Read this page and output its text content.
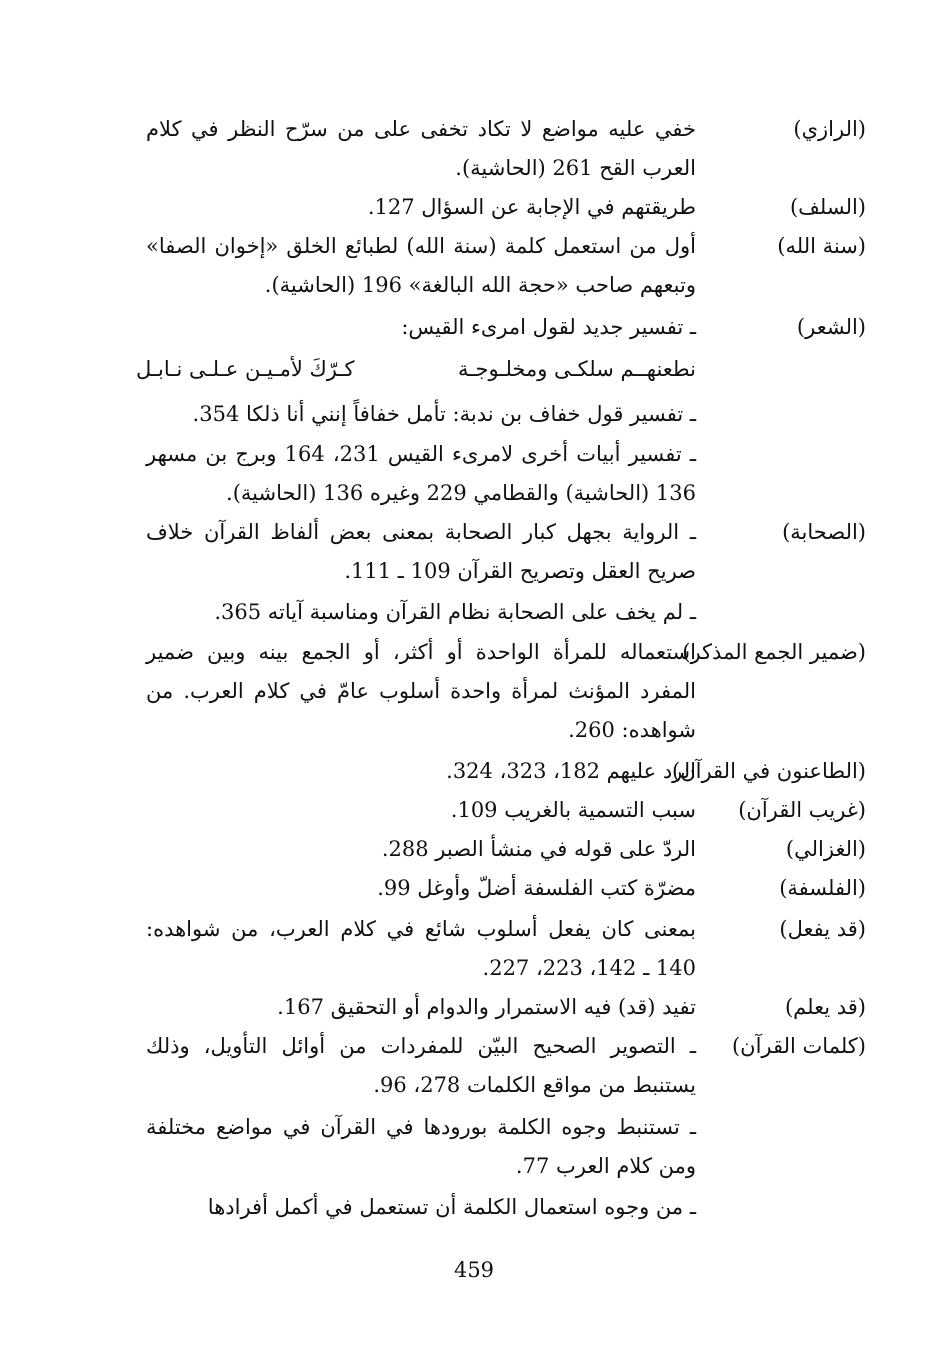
(الرازي)
خفي عليه مواضع لا تكاد تخفى على من سرّح النظر في كلام العرب القح 261 (الحاشية).
(السلف)
طريقتهم في الإجابة عن السؤال 127.
(سنة الله)
أول من استعمل كلمة (سنة الله) لطبائع الخلق «إخوان الصفا» وتبعهم صاحب «حجة الله البالغة» 196 (الحاشية).
(الشعر)
ـ تفسير جديد لقول امرىء القيس:
نطعنهــم سلكـى ومخلـوجـة
كـرّكَ لأمـيـن عـلـى نـابـل
ـ تفسير قول خفاف بن ندبة: تأمل خفافاً إنني أنا ذلكا 354.
ـ تفسير أبيات أخرى لامرىء القيس 231، 164 وبرج بن مسهر 136 (الحاشية) والقطامي 229 وغيره 136 (الحاشية).
(الصحابة)
ـ الرواية بجهل كبار الصحابة بمعنى بعض ألفاظ القرآن خلاف صريح العقل وتصريح القرآن 109 ـ 111.
ـ لم يخف على الصحابة نظام القرآن ومناسبة آياته 365.
(ضمير الجمع المذكر)
استعماله للمرأة الواحدة أو أكثر، أو الجمع بينه وبين ضمير المفرد المؤنث لمرأة واحدة أسلوب عامّ في كلام العرب. من شواهده: 260.
(الطاعنون في القرآن)
الرد عليهم 182، 323، 324.
(غريب القرآن)
سبب التسمية بالغريب 109.
(الغزالي)
الردّ على قوله في منشأ الصبر 288.
(الفلسفة)
مضرّة كتب الفلسفة أضلّ وأوغل 99.
(قد يفعل)
بمعنى كان يفعل أسلوب شائع في كلام العرب، من شواهده: 140 ـ 142، 223، 227.
(قد يعلم)
تفيد (قد) فيه الاستمرار والدوام أو التحقيق 167.
(كلمات القرآن)
ـ التصوير الصحيح البيّن للمفردات من أوائل التأويل، وذلك يستنبط من مواقع الكلمات 278، 96.
ـ تستنبط وجوه الكلمة بورودها في القرآن في مواضع مختلفة ومن كلام العرب 77.
ـ من وجوه استعمال الكلمة أن تستعمل في أكمل أفرادها
459
